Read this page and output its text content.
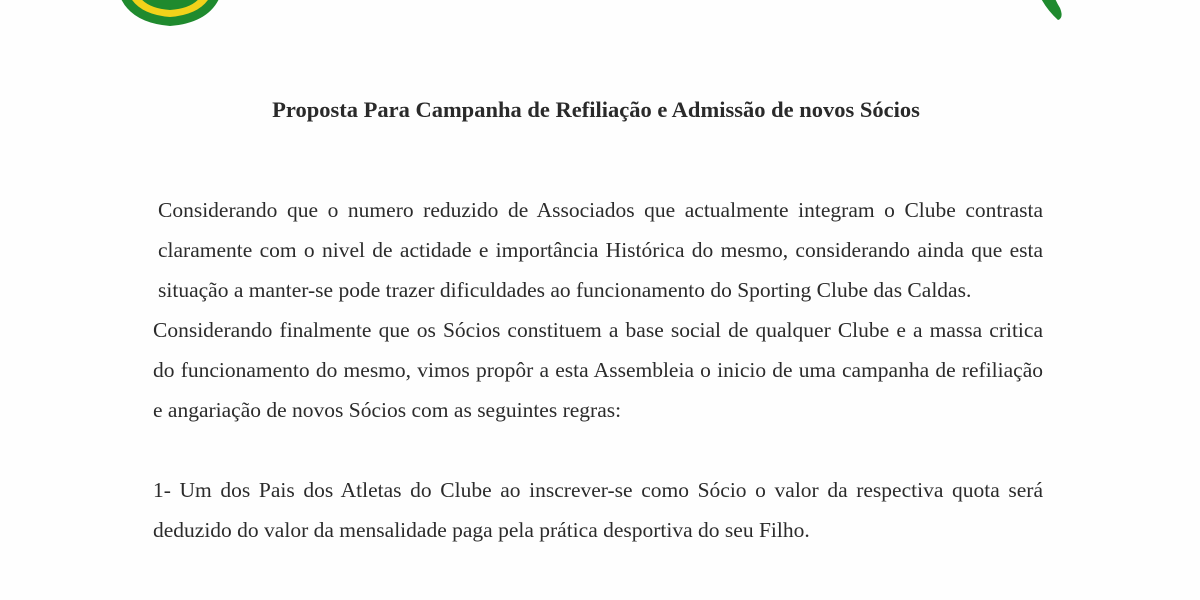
Proposta Para Campanha de Refiliação e Admissão de novos Sócios

Considerando que o numero reduzido de Associados que actualmente integram o Clube contrasta claramente com o nivel de actidade e importância Histórica do mesmo, considerando ainda que esta situação a manter-se pode trazer dificuldades ao funcionamento do Sporting Clube das Caldas.

Considerando finalmente que os Sócios constituem a base social de qualquer Clube e a massa critica do funcionamento do mesmo, vimos propôr a esta Assembleia o inicio de uma campanha de refiliação e angariação de novos Sócios com as seguintes regras:

1- Um dos Pais dos Atletas do Clube ao inscrever-se como Sócio o valor da respectiva quota será deduzido do valor da mensalidade paga pela prática desportiva do seu Filho.
